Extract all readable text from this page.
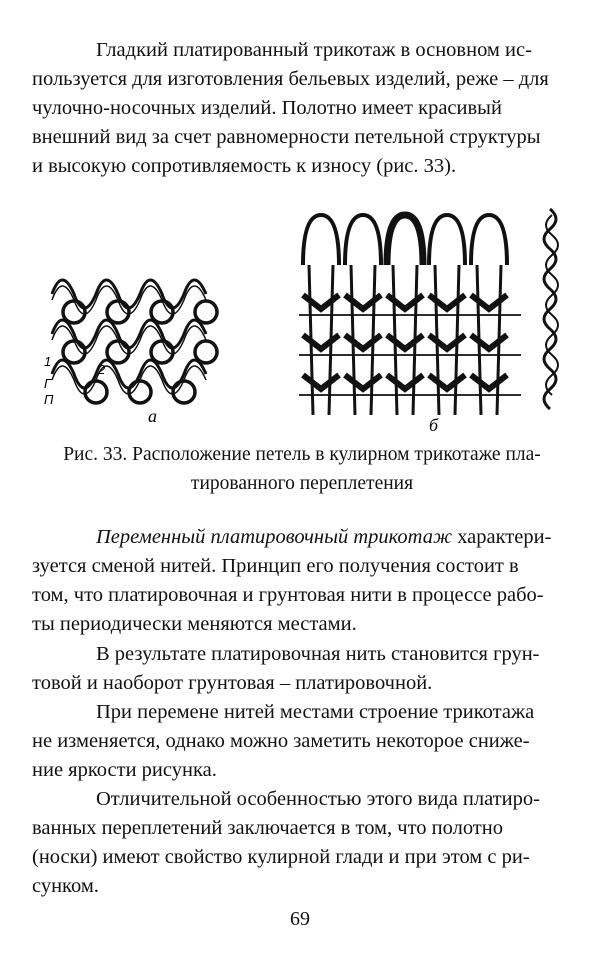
Гладкий платированный трикотаж в основном ис-
пользуется для изготовления бельевых изделий, реже – для
чулочно-носочных изделий. Полотно имеет красивый
внешний вид за счет равномерности петельной структуры
и высокую сопротивляемость к износу (рис. 33).
1
2
Г
П
а	б
Рис. 33. Расположение петель в кулирном трикотаже пла-
тированного переплетения
Переменный платировочный трикотаж характери-
зуется сменой нитей. Принцип его получения состоит в
том, что платировочная и грунтовая нити в процессе рабо-
ты периодически меняются местами.
В результате платировочная нить становится грун-
товой и наоборот грунтовая – платировочной.
При перемене нитей местами строение трикотажа
не изменяется, однако можно заметить некоторое сниже-
ние яркости рисунка.
Отличительной особенностью этого вида платиро-
ванных переплетений заключается в том, что полотно
(носки) имеют свойство кулирной глади и при этом с ри-
сунком.
69
